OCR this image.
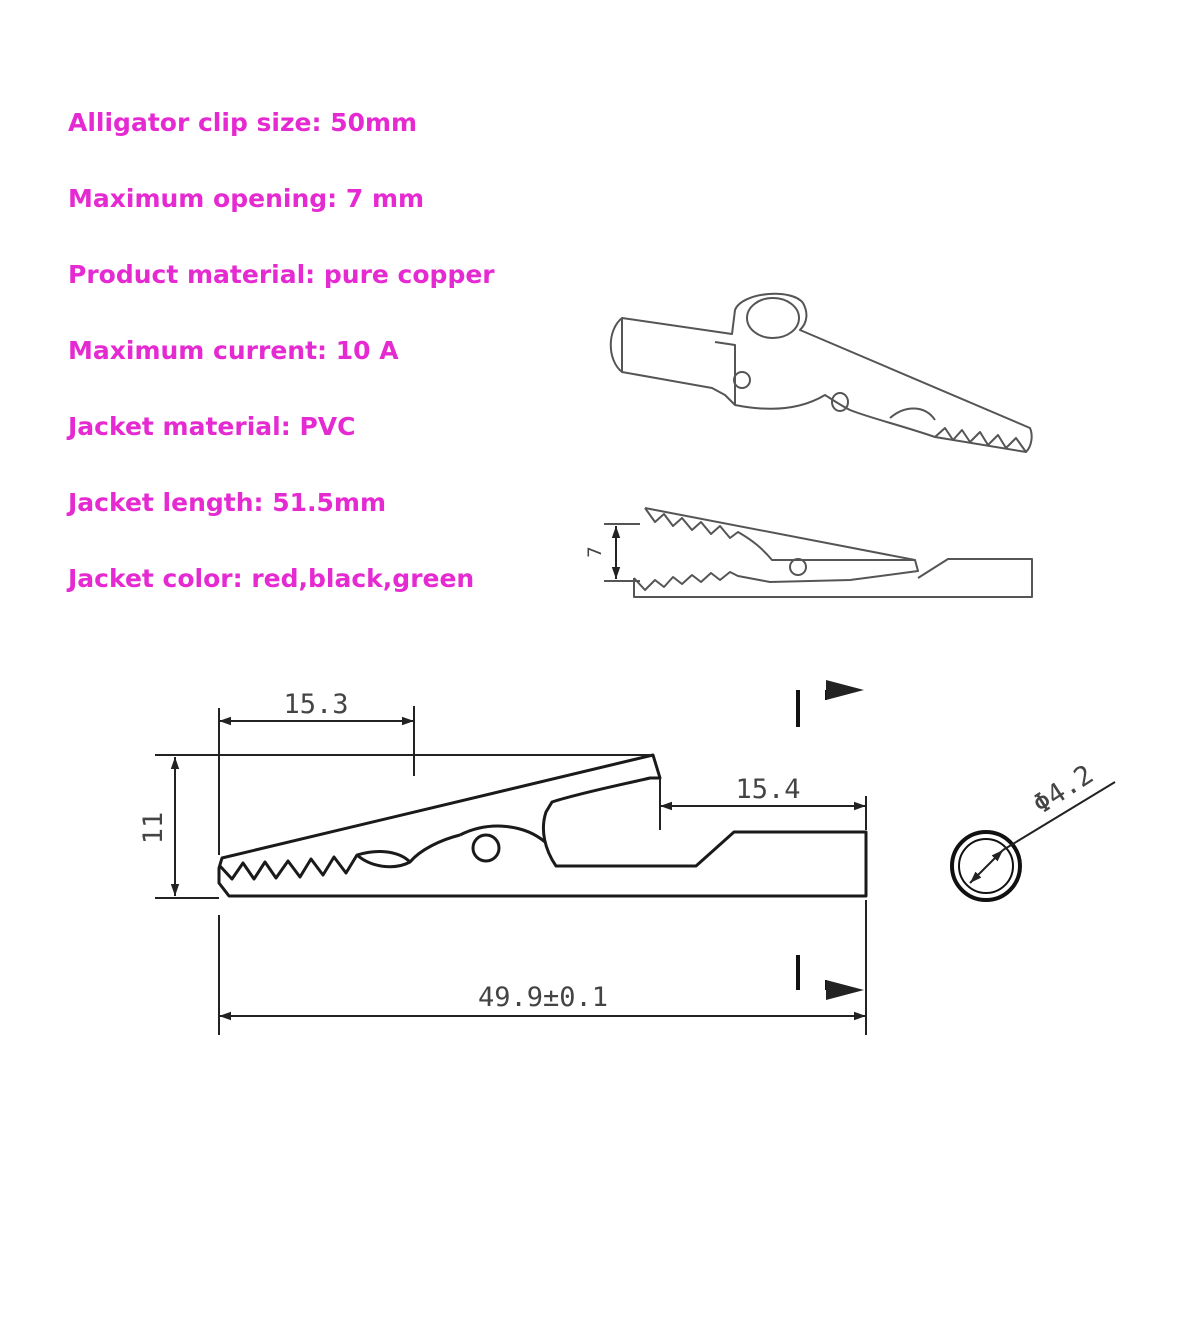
Alligator clip size: 50mm
Maximum opening: 7 mm
Product material: pure copper
Maximum current: 10 A
Jacket material: PVC
Jacket length: 51.5mm
Jacket color: red,black,green
7
15.3
15.4
11
49.9±0.1
Φ4.2
